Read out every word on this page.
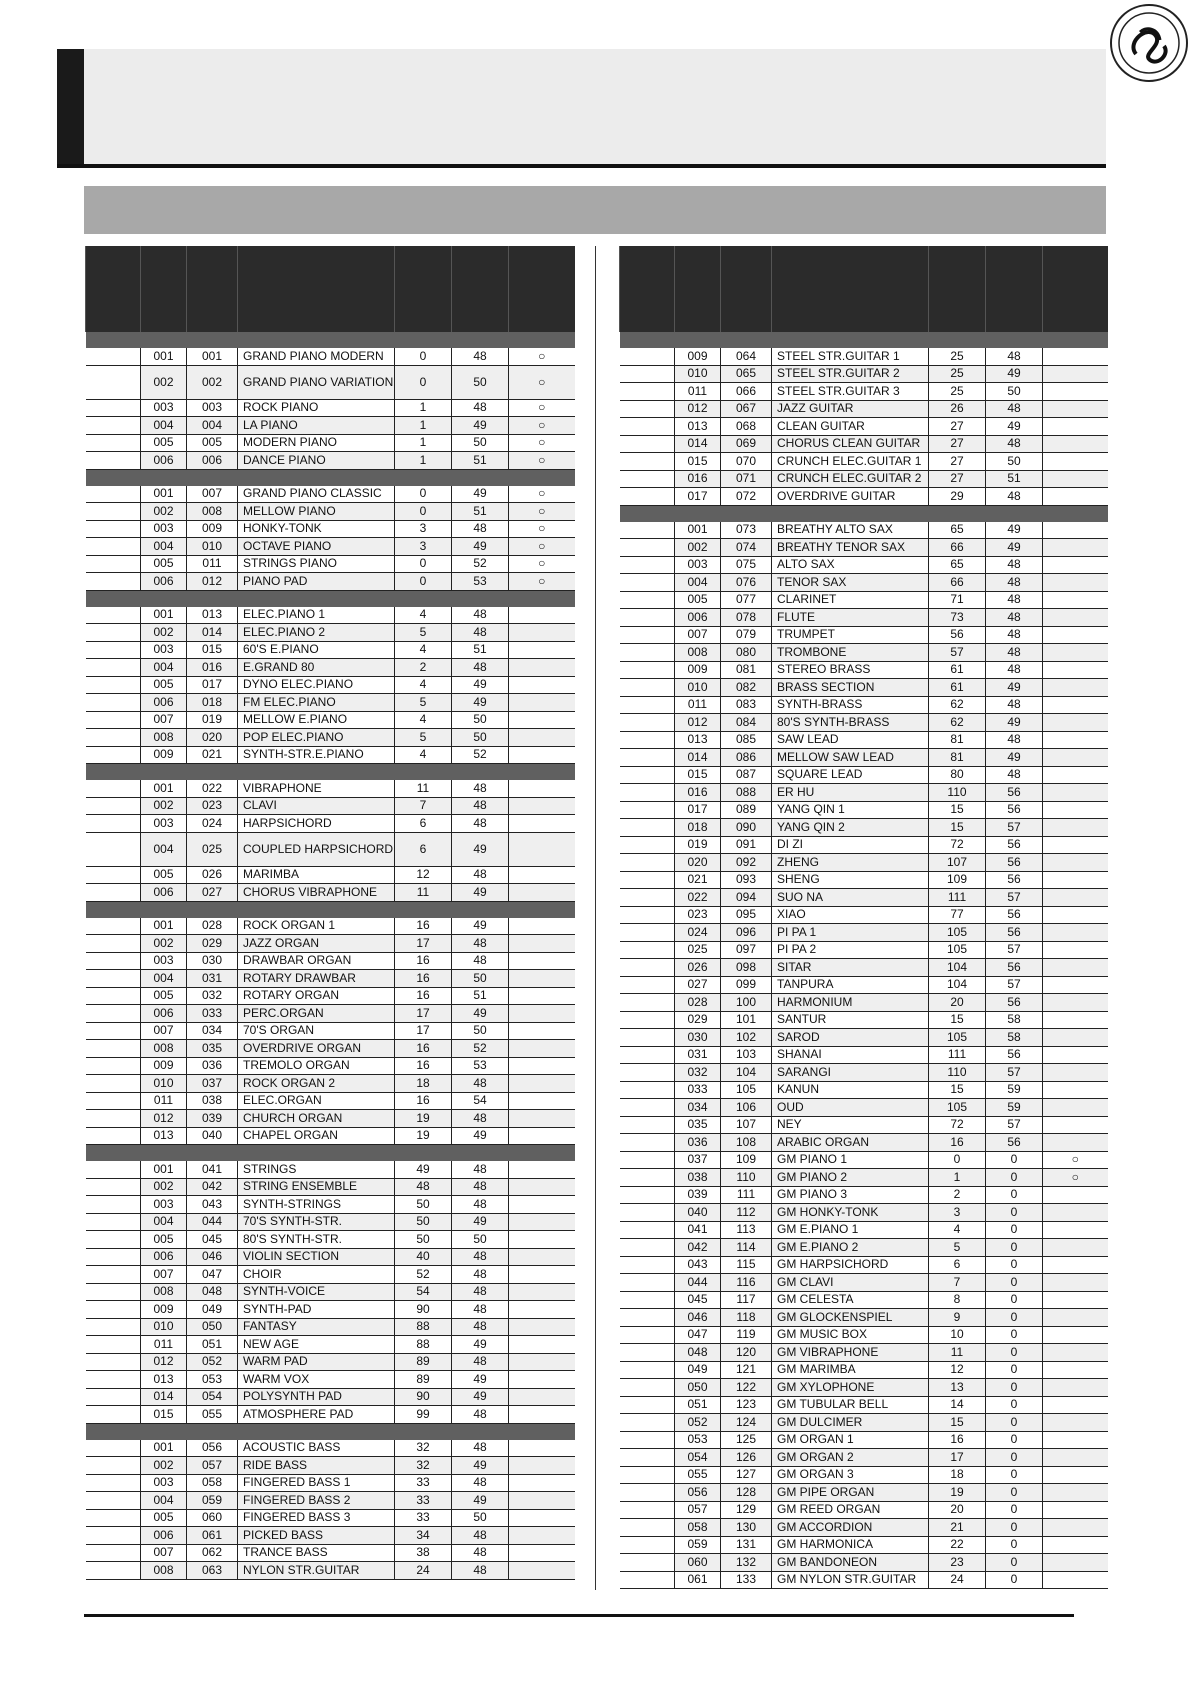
	001	001	GRAND PIANO MODERN	0	48	○
	002	002	GRAND PIANO VARIATION	0	50	○
	003	003	ROCK PIANO	1	48	○
	004	004	LA PIANO	1	49	○
	005	005	MODERN PIANO	1	50	○
	006	006	DANCE PIANO	1	51	○

	001	007	GRAND PIANO CLASSIC	0	49	○
	002	008	MELLOW PIANO	0	51	○
	003	009	HONKY-TONK	3	48	○
	004	010	OCTAVE PIANO	3	49	○
	005	011	STRINGS PIANO	0	52	○
	006	012	PIANO PAD	0	53	○

	001	013	ELEC.PIANO 1	4	48	
	002	014	ELEC.PIANO 2	5	48	
	003	015	60'S E.PIANO	4	51	
	004	016	E.GRAND 80	2	48	
	005	017	DYNO ELEC.PIANO	4	49	
	006	018	FM ELEC.PIANO	5	49	
	007	019	MELLOW E.PIANO	4	50	
	008	020	POP ELEC.PIANO	5	50	
	009	021	SYNTH-STR.E.PIANO	4	52	

	001	022	VIBRAPHONE	11	48	
	002	023	CLAVI	7	48	
	003	024	HARPSICHORD	6	48	
	004	025	COUPLED HARPSICHORD	6	49	
	005	026	MARIMBA	12	48	
	006	027	CHORUS VIBRAPHONE	11	49	

	001	028	ROCK ORGAN 1	16	49	
	002	029	JAZZ ORGAN	17	48	
	003	030	DRAWBAR ORGAN	16	48	
	004	031	ROTARY DRAWBAR	16	50	
	005	032	ROTARY ORGAN	16	51	
	006	033	PERC.ORGAN	17	49	
	007	034	70'S ORGAN	17	50	
	008	035	OVERDRIVE ORGAN	16	52	
	009	036	TREMOLO ORGAN	16	53	
	010	037	ROCK ORGAN 2	18	48	
	011	038	ELEC.ORGAN	16	54	
	012	039	CHURCH ORGAN	19	48	
	013	040	CHAPEL ORGAN	19	49	

	001	041	STRINGS	49	48	
	002	042	STRING ENSEMBLE	48	48	
	003	043	SYNTH-STRINGS	50	48	
	004	044	70'S SYNTH-STR.	50	49	
	005	045	80'S SYNTH-STR.	50	50	
	006	046	VIOLIN SECTION	40	48	
	007	047	CHOIR	52	48	
	008	048	SYNTH-VOICE	54	48	
	009	049	SYNTH-PAD	90	48	
	010	050	FANTASY	88	48	
	011	051	NEW AGE	88	49	
	012	052	WARM PAD	89	48	
	013	053	WARM VOX	89	49	
	014	054	POLYSYNTH PAD	90	49	
	015	055	ATMOSPHERE PAD	99	48	

	001	056	ACOUSTIC BASS	32	48	
	002	057	RIDE BASS	32	49	
	003	058	FINGERED BASS 1	33	48	
	004	059	FINGERED BASS 2	33	49	
	005	060	FINGERED BASS 3	33	50	
	006	061	PICKED BASS	34	48	
	007	062	TRANCE BASS	38	48	
	008	063	NYLON STR.GUITAR	24	48	

	009	064	STEEL STR.GUITAR 1	25	48	
	010	065	STEEL STR.GUITAR 2	25	49	
	011	066	STEEL STR.GUITAR 3	25	50	
	012	067	JAZZ GUITAR	26	48	
	013	068	CLEAN GUITAR	27	49	
	014	069	CHORUS CLEAN GUITAR	27	48	
	015	070	CRUNCH ELEC.GUITAR 1	27	50	
	016	071	CRUNCH ELEC.GUITAR 2	27	51	
	017	072	OVERDRIVE GUITAR	29	48	

	001	073	BREATHY ALTO SAX	65	49	
	002	074	BREATHY TENOR SAX	66	49	
	003	075	ALTO SAX	65	48	
	004	076	TENOR SAX	66	48	
	005	077	CLARINET	71	48	
	006	078	FLUTE	73	48	
	007	079	TRUMPET	56	48	
	008	080	TROMBONE	57	48	
	009	081	STEREO BRASS	61	48	
	010	082	BRASS SECTION	61	49	
	011	083	SYNTH-BRASS	62	48	
	012	084	80'S SYNTH-BRASS	62	49	
	013	085	SAW LEAD	81	48	
	014	086	MELLOW SAW LEAD	81	49	
	015	087	SQUARE LEAD	80	48	
	016	088	ER HU	110	56	
	017	089	YANG QIN 1	15	56	
	018	090	YANG QIN 2	15	57	
	019	091	DI ZI	72	56	
	020	092	ZHENG	107	56	
	021	093	SHENG	109	56	
	022	094	SUO NA	111	57	
	023	095	XIAO	77	56	
	024	096	PI PA 1	105	56	
	025	097	PI PA 2	105	57	
	026	098	SITAR	104	56	
	027	099	TANPURA	104	57	
	028	100	HARMONIUM	20	56	
	029	101	SANTUR	15	58	
	030	102	SAROD	105	58	
	031	103	SHANAI	111	56	
	032	104	SARANGI	110	57	
	033	105	KANUN	15	59	
	034	106	OUD	105	59	
	035	107	NEY	72	57	
	036	108	ARABIC ORGAN	16	56	
	037	109	GM PIANO 1	0	0	○
	038	110	GM PIANO 2	1	0	○
	039	111	GM PIANO 3	2	0	
	040	112	GM HONKY-TONK	3	0	
	041	113	GM E.PIANO 1	4	0	
	042	114	GM E.PIANO 2	5	0	
	043	115	GM HARPSICHORD	6	0	
	044	116	GM CLAVI	7	0	
	045	117	GM CELESTA	8	0	
	046	118	GM GLOCKENSPIEL	9	0	
	047	119	GM MUSIC BOX	10	0	
	048	120	GM VIBRAPHONE	11	0	
	049	121	GM MARIMBA	12	0	
	050	122	GM XYLOPHONE	13	0	
	051	123	GM TUBULAR BELL	14	0	
	052	124	GM DULCIMER	15	0	
	053	125	GM ORGAN 1	16	0	
	054	126	GM ORGAN 2	17	0	
	055	127	GM ORGAN 3	18	0	
	056	128	GM PIPE ORGAN	19	0	
	057	129	GM REED ORGAN	20	0	
	058	130	GM ACCORDION	21	0	
	059	131	GM HARMONICA	22	0	
	060	132	GM BANDONEON	23	0	
	061	133	GM NYLON STR.GUITAR	24	0	
